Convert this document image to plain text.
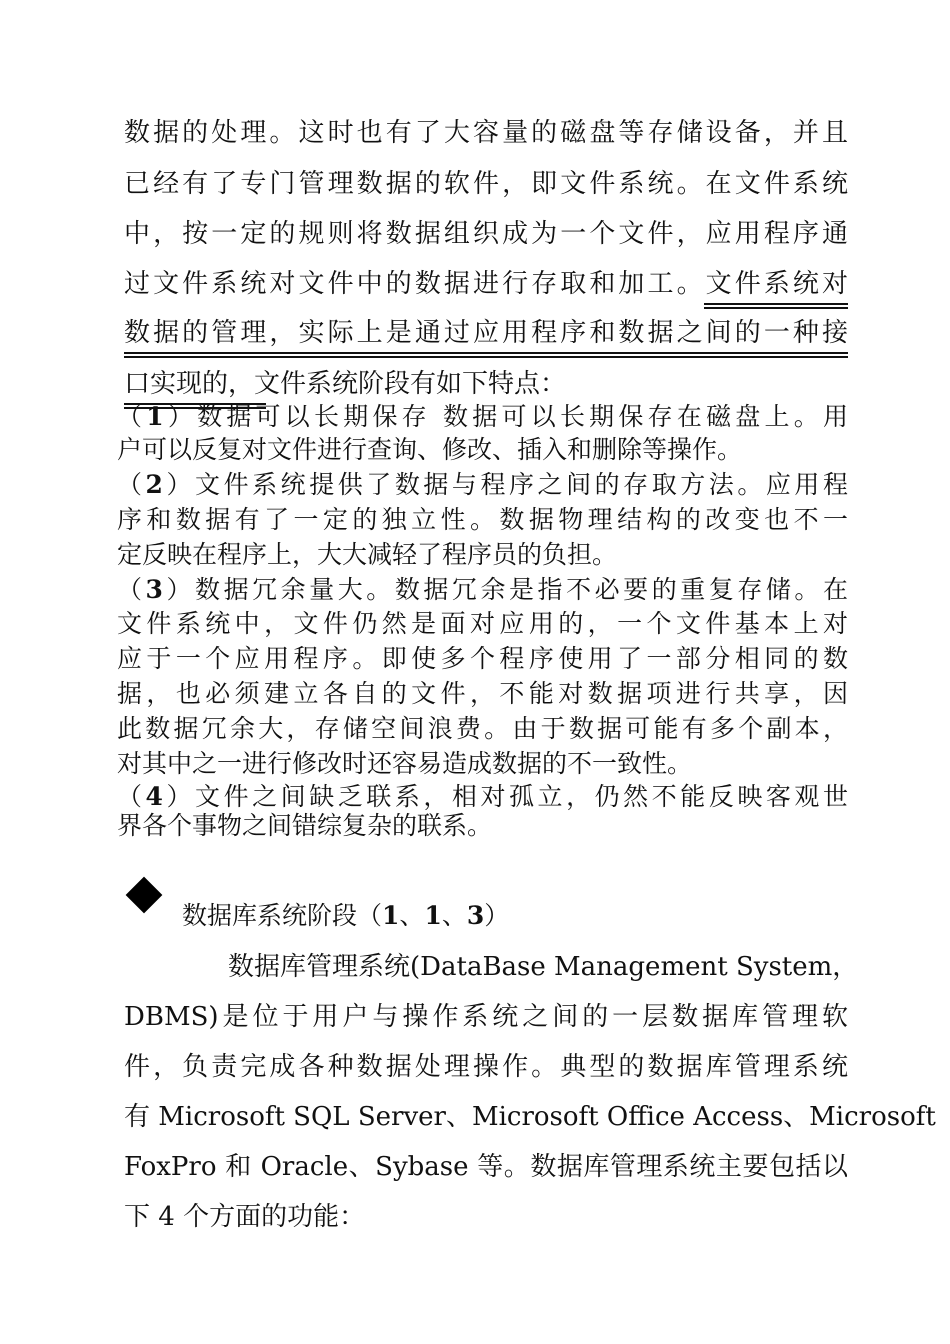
数据的处理。这时也有了大容量的磁盘等存储设备，并且
已经有了专门管理数据的软件，即文件系统。在文件系统
中，按一定的规则将数据组织成为一个文件，应用程序通
过文件系统对文件中的数据进行存取和加工。文件系统对
数据的管理，实际上是通过应用程序和数据之间的一种接
口实现的，文件系统阶段有如下特点：
（1）数据可以长期保存 数据可以长期保存在磁盘上。用
户可以反复对文件进行查询、修改、插入和删除等操作。
（2）文件系统提供了数据与程序之间的存取方法。应用程
序和数据有了一定的独立性。数据物理结构的改变也不一
定反映在程序上，大大减轻了程序员的负担。
（3）数据冗余量大。数据冗余是指不必要的重复存储。在
文件系统中，文件仍然是面对应用的，一个文件基本上对
应于一个应用程序。即使多个程序使用了一部分相同的数
据，也必须建立各自的文件，不能对数据项进行共享，因
此数据冗余大，存储空间浪费。由于数据可能有多个副本，
对其中之一进行修改时还容易造成数据的不一致性。
（4）文件之间缺乏联系，相对孤立，仍然不能反映客观世
界各个事物之间错综复杂的联系。
数据库系统阶段（1、1、3）
数据库管理系统(DataBase Management System，
DBMS)是位于用户与操作系统之间的一层数据库管理软
件，负责完成各种数据处理操作。典型的数据库管理系统
有 Microsoft SQL Server、Microsoft Office Access、Microsoft
FoxPro 和 Oracle、Sybase 等。数据库管理系统主要包括以
下 4 个方面的功能：
